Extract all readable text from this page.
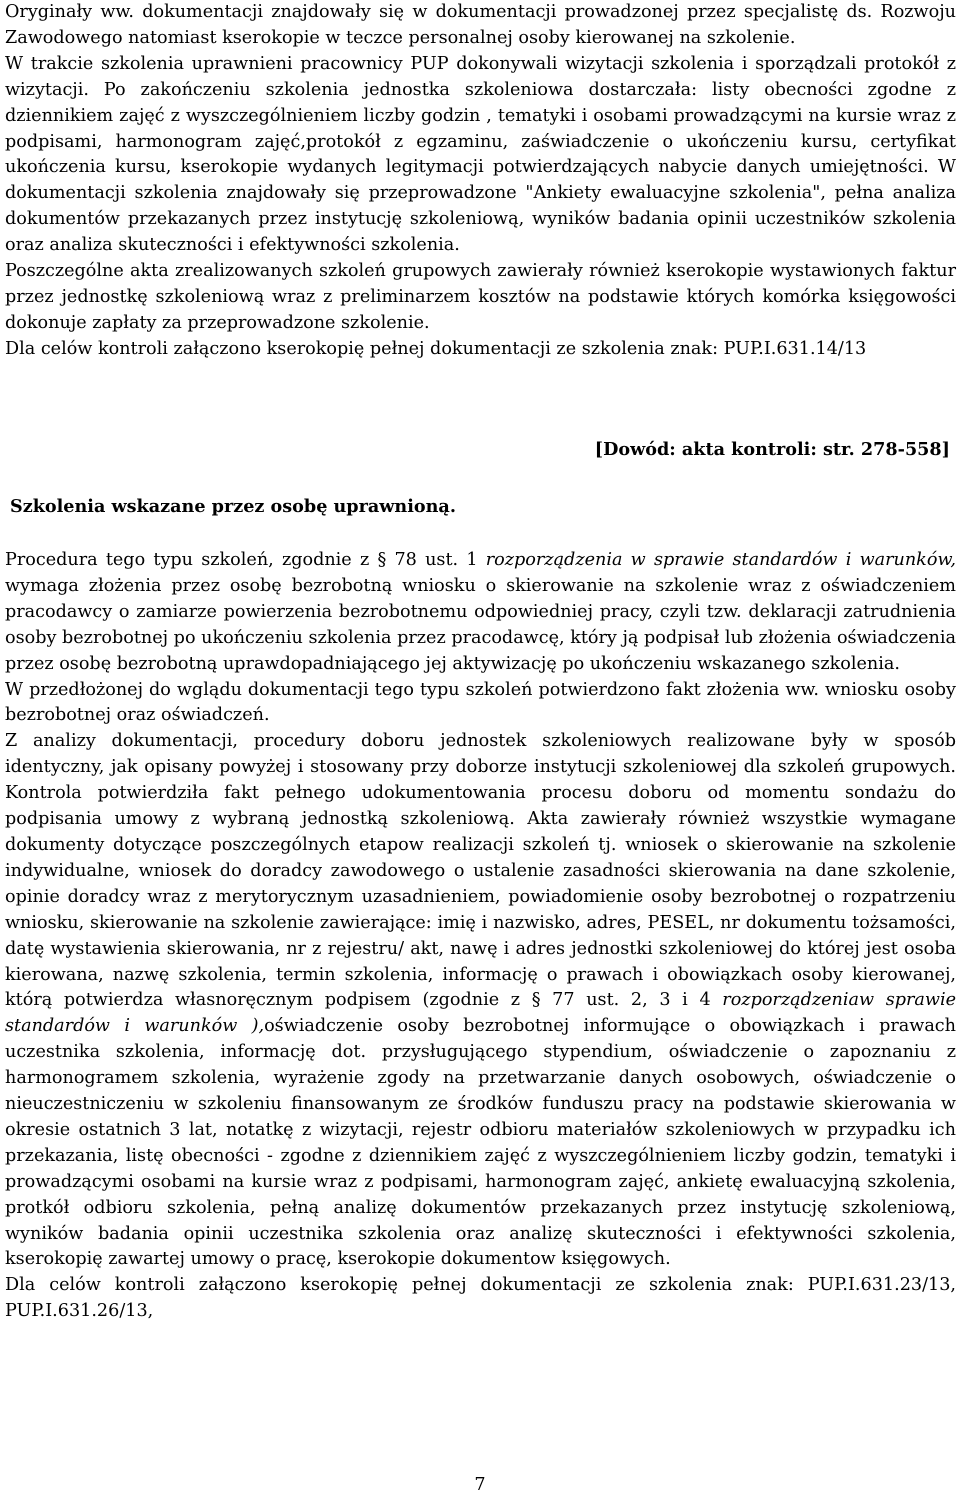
Oryginały ww. dokumentacji znajdowały się w dokumentacji prowadzonej przez specjalistę ds. Rozwoju Zawodowego natomiast kserokopie w teczce personalnej osoby kierowanej na szkolenie.

W trakcie szkolenia uprawnieni pracownicy PUP dokonywali wizytacji szkolenia i sporządzali protokół z wizytacji. Po zakończeniu szkolenia jednostka szkoleniowa dostarczała: listy obecności zgodne z dziennikiem zajęć z wyszczególnieniem liczby godzin , tematyki i osobami prowadzącymi na kursie wraz z podpisami, harmonogram zajęć,protokół z egzaminu, zaświadczenie o ukończeniu kursu, certyfikat ukończenia kursu, kserokopie wydanych legitymacji potwierdzających nabycie danych umiejętności. W dokumentacji szkolenia znajdowały się przeprowadzone "Ankiety ewaluacyjne szkolenia", pełna analiza dokumentów przekazanych przez instytucję szkoleniową, wyników badania opinii uczestników szkolenia oraz analiza skuteczności i efektywności szkolenia.

Poszczególne akta zrealizowanych szkoleń grupowych zawierały również kserokopie wystawionych faktur przez jednostkę szkoleniową wraz z preliminarzem kosztów na podstawie których komórka księgowości dokonuje zapłaty za przeprowadzone szkolenie.

Dla celów kontroli załączono kserokopię pełnej dokumentacji ze szkolenia znak: PUP.I.631.14/13

[Dowód: akta kontroli: str. 278-558]
Szkolenia wskazane przez osobę uprawnioną.

Procedura tego typu szkoleń, zgodnie z § 78 ust. 1 rozporządzenia w sprawie standardów i warunków, wymaga złożenia przez osobę bezrobotną wniosku o skierowanie na szkolenie wraz z oświadczeniem pracodawcy o zamiarze powierzenia bezrobotnemu odpowiedniej pracy, czyli tzw. deklaracji zatrudnienia osoby bezrobotnej po ukończeniu szkolenia przez pracodawcę, który ją podpisał lub złożenia oświadczenia przez osobę bezrobotną uprawdopadniającego jej aktywizację po ukończeniu wskazanego szkolenia.

W przedłożonej do wglądu dokumentacji tego typu szkoleń potwierdzono fakt złożenia ww. wniosku osoby bezrobotnej oraz oświadczeń.

Z analizy dokumentacji, procedury doboru jednostek szkoleniowych realizowane były w sposób identyczny, jak opisany powyżej i stosowany przy doborze instytucji szkoleniowej dla szkoleń grupowych. Kontrola potwierdziła fakt pełnego udokumentowania procesu doboru od momentu sondażu do podpisania umowy z wybraną jednostką szkoleniową. Akta zawierały również wszystkie wymagane dokumenty dotyczące poszczególnych etapow realizacji szkoleń tj. wniosek o skierowanie na szkolenie indywidualne, wniosek do doradcy zawodowego o ustalenie zasadności skierowania na dane szkolenie, opinie doradcy wraz z merytorycznym uzasadnieniem, powiadomienie osoby bezrobotnej o rozpatrzeniu wniosku, skierowanie na szkolenie zawierające: imię i nazwisko, adres, PESEL, nr dokumentu tożsamości, datę wystawienia skierowania, nr z rejestru/ akt, nawę i adres jednostki szkoleniowej do której jest osoba kierowana, nazwę szkolenia, termin szkolenia, informację o prawach i obowiązkach osoby kierowanej, którą potwierdza własnoręcznym podpisem (zgodnie z § 77 ust. 2, 3 i 4 rozporządzeniaw sprawie standardów i warunków ),oświadczenie osoby bezrobotnej informujące o obowiązkach i prawach uczestnika szkolenia, informację dot. przysługującego stypendium, oświadczenie o zapoznaniu z harmonogramem szkolenia, wyrażenie zgody na przetwarzanie danych osobowych, oświadczenie o nieuczestniczeniu w szkoleniu finansowanym ze środków funduszu pracy na podstawie skierowania w okresie ostatnich 3 lat, notatkę z wizytacji, rejestr odbioru materiałów szkoleniowych w przypadku ich przekazania, listę obecności - zgodne z dziennikiem zajęć z wyszczególnieniem liczby godzin, tematyki i prowadzącymi osobami na kursie wraz z podpisami, harmonogram zajęć, ankietę ewaluacyjną szkolenia, protkół odbioru szkolenia, pełną analizę dokumentów przekazanych przez instytucję szkoleniową, wyników badania opinii uczestnika szkolenia oraz analizę skuteczności i efektywności szkolenia, kserokopię zawartej umowy o pracę, kserokopie dokumentow księgowych.

Dla celów kontroli załączono kserokopię pełnej dokumentacji ze szkolenia znak: PUP.I.631.23/13, PUP.I.631.26/13,

7
